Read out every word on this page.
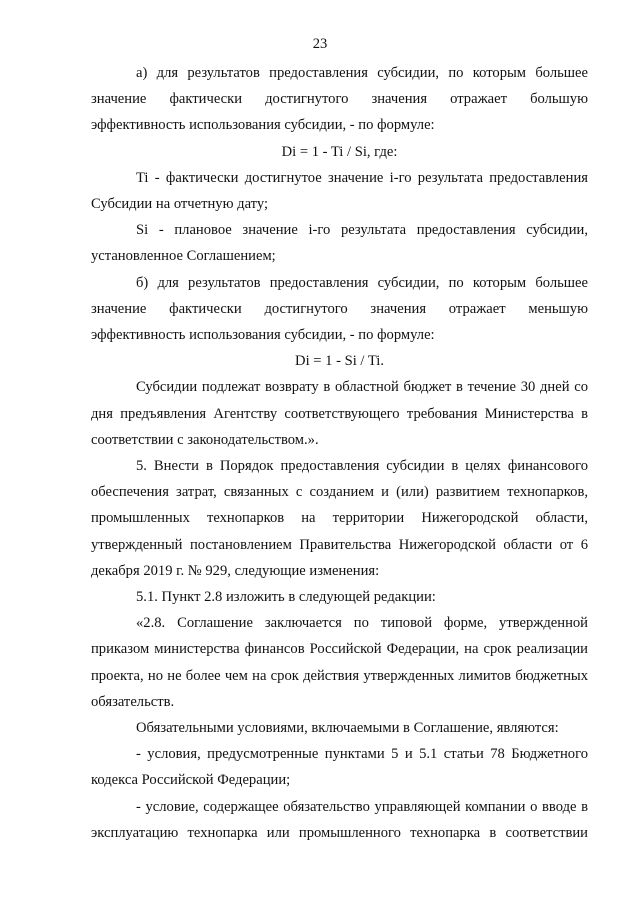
23

а) для результатов предоставления субсидии, по которым большее значение фактически достигнутого значения отражает большую эффективность использования субсидии, - по формуле:

Di = 1 - Ti / Si, где:

Ti - фактически достигнутое значение i-го результата предоставления Субсидии на отчетную дату;

Si - плановое значение i-го результата предоставления субсидии, установленное Соглашением;

б) для результатов предоставления субсидии, по которым большее значение фактически достигнутого значения отражает меньшую эффективность использования субсидии, - по формуле:

Di = 1 - Si / Ti.

Субсидии подлежат возврату в областной бюджет в течение 30 дней со дня предъявления Агентству соответствующего требования Министерства в соответствии с законодательством.».

5. Внести в Порядок предоставления субсидии в целях финансового обеспечения затрат, связанных с созданием и (или) развитием технопарков, промышленных технопарков на территории Нижегородской области, утвержденный постановлением Правительства Нижегородской области от 6 декабря 2019 г. № 929, следующие изменения:

5.1. Пункт 2.8 изложить в следующей редакции:

«2.8. Соглашение заключается по типовой форме, утвержденной приказом министерства финансов Российской Федерации, на срок реализации проекта, но не более чем на срок действия утвержденных лимитов бюджетных обязательств.

Обязательными условиями, включаемыми в Соглашение, являются:

- условия, предусмотренные пунктами 5 и 5.1 статьи 78 Бюджетного кодекса Российской Федерации;

- условие, содержащее обязательство управляющей компании о вводе в эксплуатацию технопарка или промышленного технопарка в соответствии
